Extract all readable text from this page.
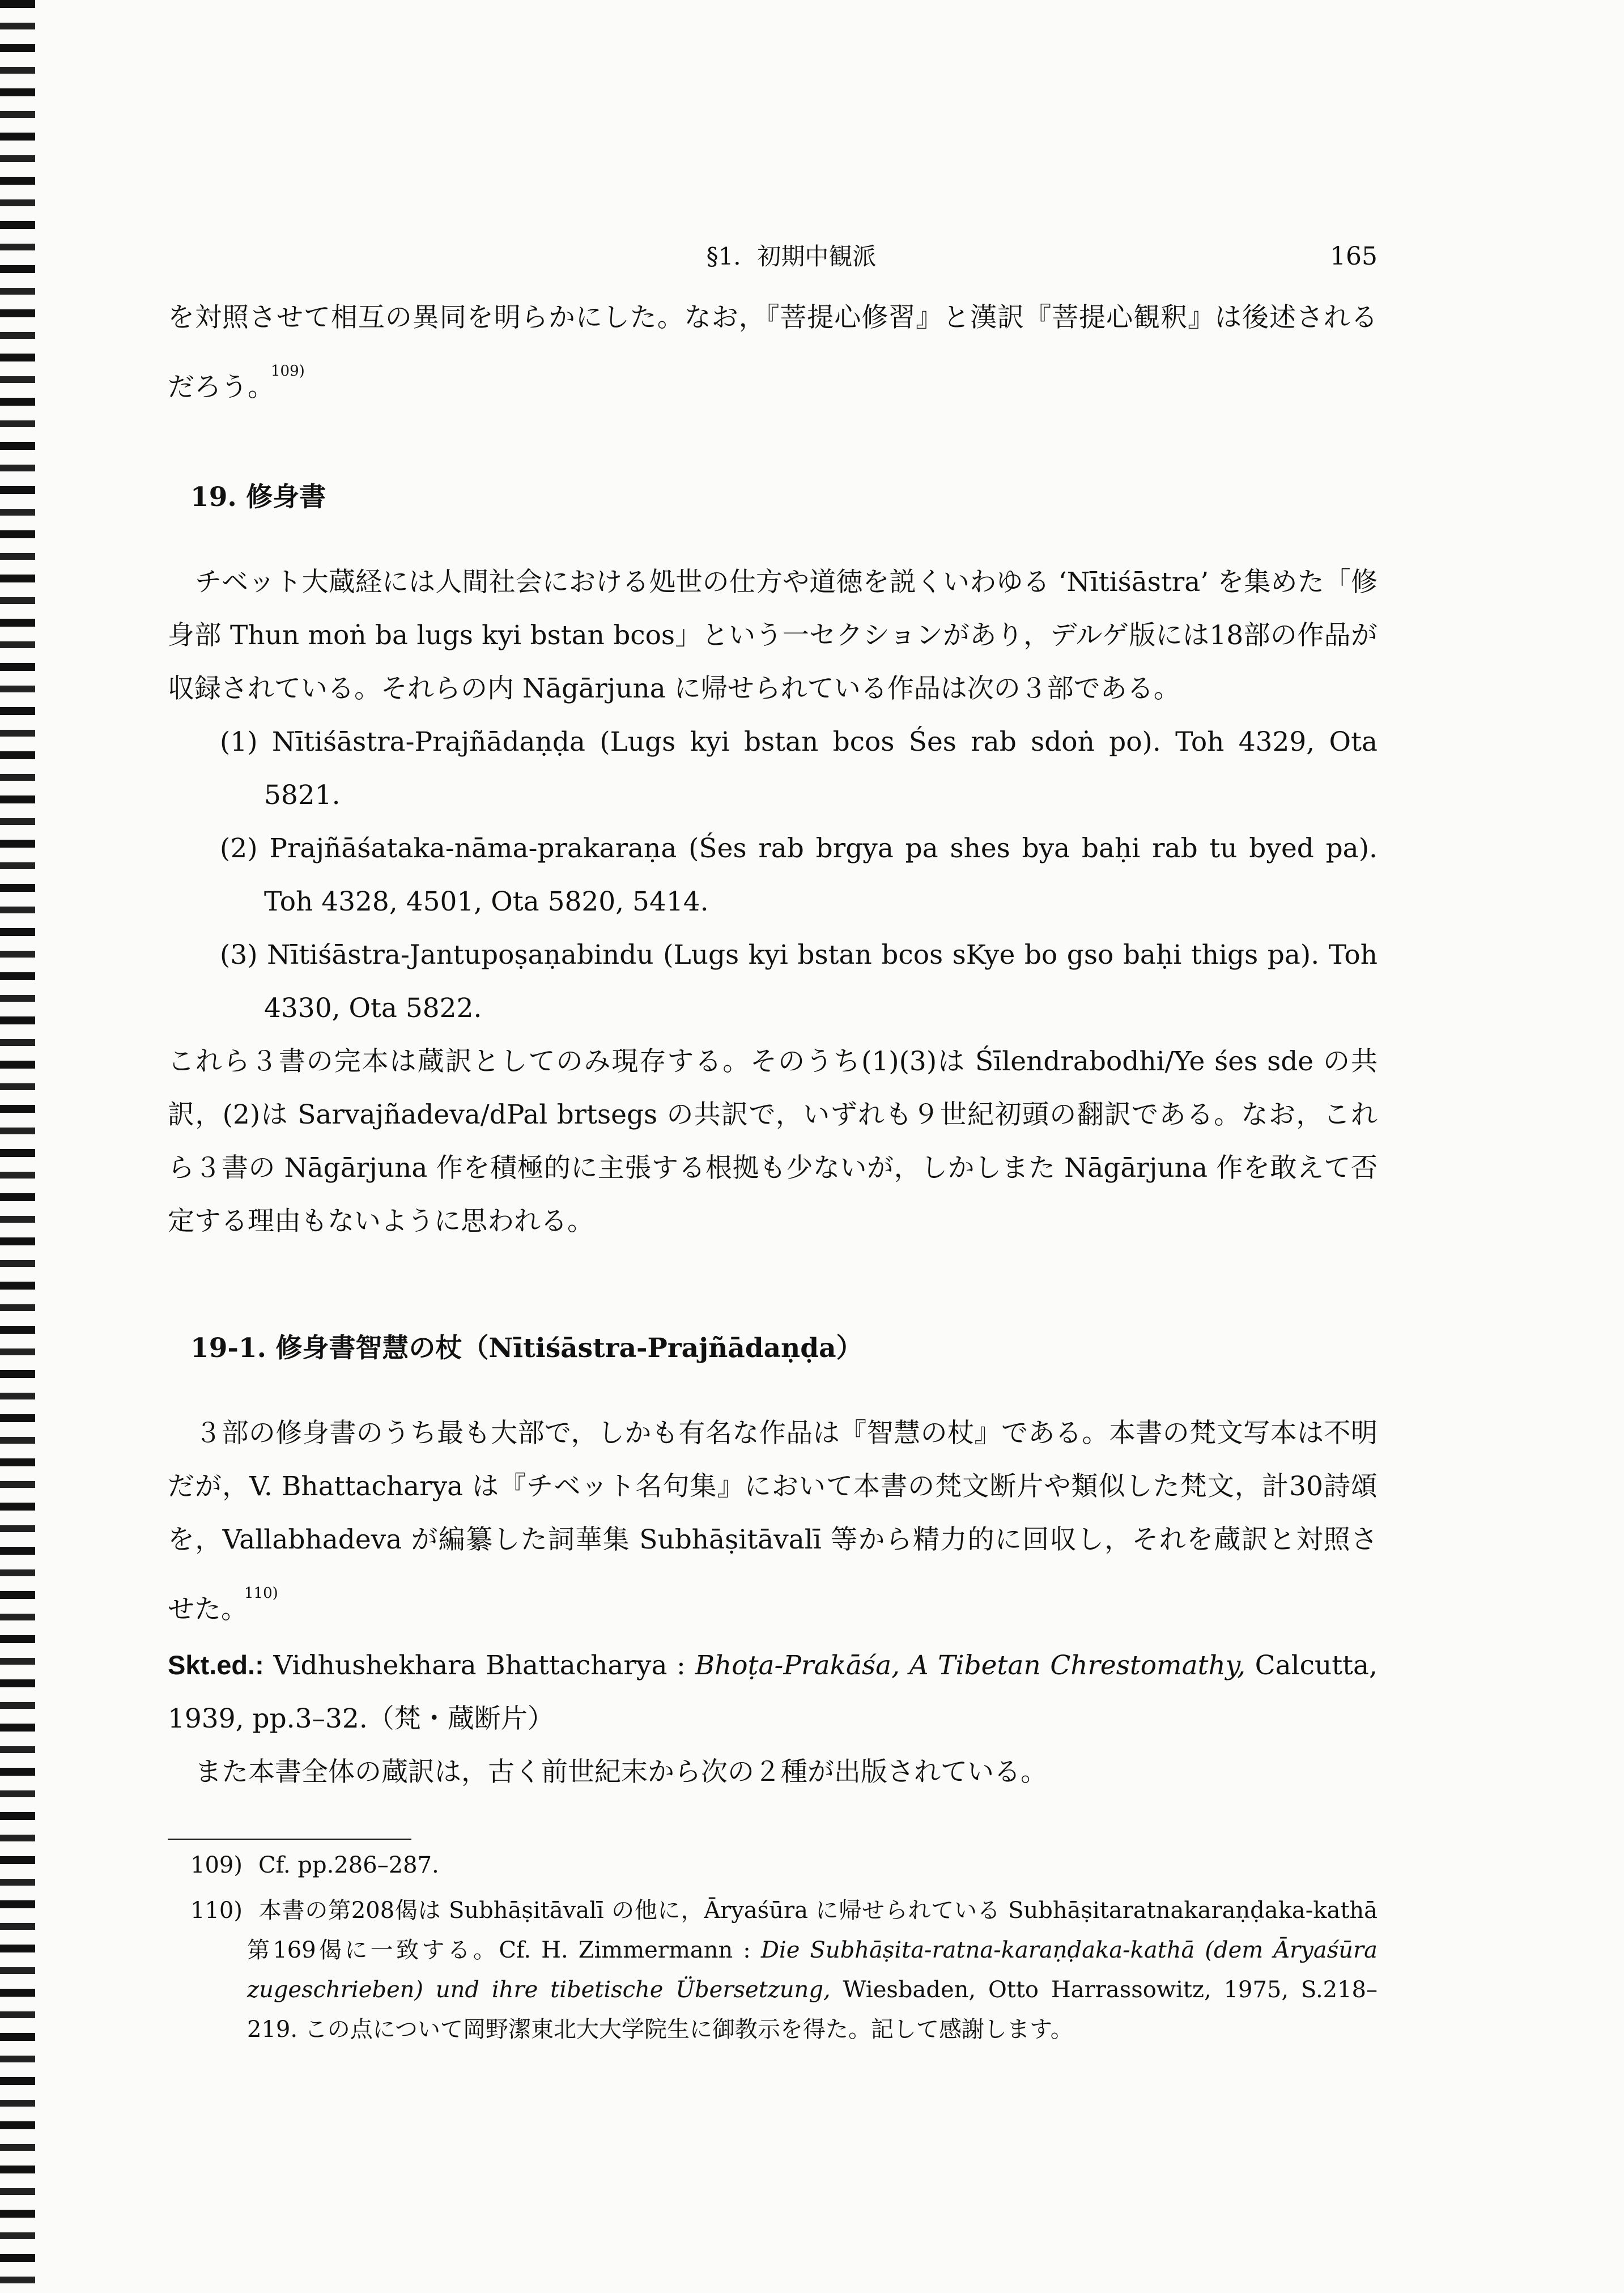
§1．初期中観派	165

を対照させて相互の異同を明らかにした。なお，『菩提心修習』と漢訳『菩提心観釈』は後述されるだろう。$^{109)}$

19. 修身書

チベット大蔵経には人間社会における処世の仕方や道徳を説くいわゆる ‘Nītiśāstra’ を集めた「修身部 Thun moṅ ba lugs kyi bstan bcos」という一セクションがあり，デルゲ版には18部の作品が収録されている。それらの内 Nāgārjuna に帰せられている作品は次の３部である。

(1) Nītiśāstra-Prajñādaṇḍa (Lugs kyi bstan bcos Śes rab sdoṅ po). Toh 4329, Ota 5821.

(2) Prajñāśataka-nāma-prakaraṇa (Śes rab brgya pa shes bya baḥi rab tu byed pa). Toh 4328, 4501, Ota 5820, 5414.

(3) Nītiśāstra-Jantupoṣaṇabindu (Lugs kyi bstan bcos sKye bo gso baḥi thigs pa). Toh 4330, Ota 5822.

これら３書の完本は蔵訳としてのみ現存する。そのうち(1)(3)は Śīlendrabodhi/Ye śes sde の共訳，(2)は Sarvajñadeva/dPal brtsegs の共訳で，いずれも９世紀初頭の翻訳である。なお，これら３書の Nāgārjuna 作を積極的に主張する根拠も少ないが，しかしまた Nāgārjuna 作を敢えて否定する理由もないように思われる。

19-1. 修身書智慧の杖（Nītiśāstra-Prajñādaṇḍa）

３部の修身書のうち最も大部で，しかも有名な作品は『智慧の杖』である。本書の梵文写本は不明だが，V. Bhattacharya は『チベット名句集』において本書の梵文断片や類似した梵文，計30詩頌を，Vallabhadeva が編纂した詞華集 Subhāṣitāvalī 等から精力的に回収し，それを蔵訳と対照させた。$^{110)}$

Skt.ed.: Vidhushekhara Bhattacharya : Bhoṭa-Prakāśa, A Tibetan Chrestomathy, Calcutta, 1939, pp.3–32.（梵・蔵断片）

また本書全体の蔵訳は，古く前世紀末から次の２種が出版されている。

109) Cf. pp.286–287.

110) 本書の第208偈は Subhāṣitāvalī の他に，Āryaśūra に帰せられている Subhāṣitaratnakaraṇḍaka-kathā 第169偈に一致する。Cf. H. Zimmermann : Die Subhāṣita-ratna-karaṇḍaka-kathā (dem Āryaśūra zugeschrieben) und ihre tibetische Übersetzung, Wiesbaden, Otto Harrassowitz, 1975, S.218–219. この点について岡野潔東北大大学院生に御教示を得た。記して感謝します。
